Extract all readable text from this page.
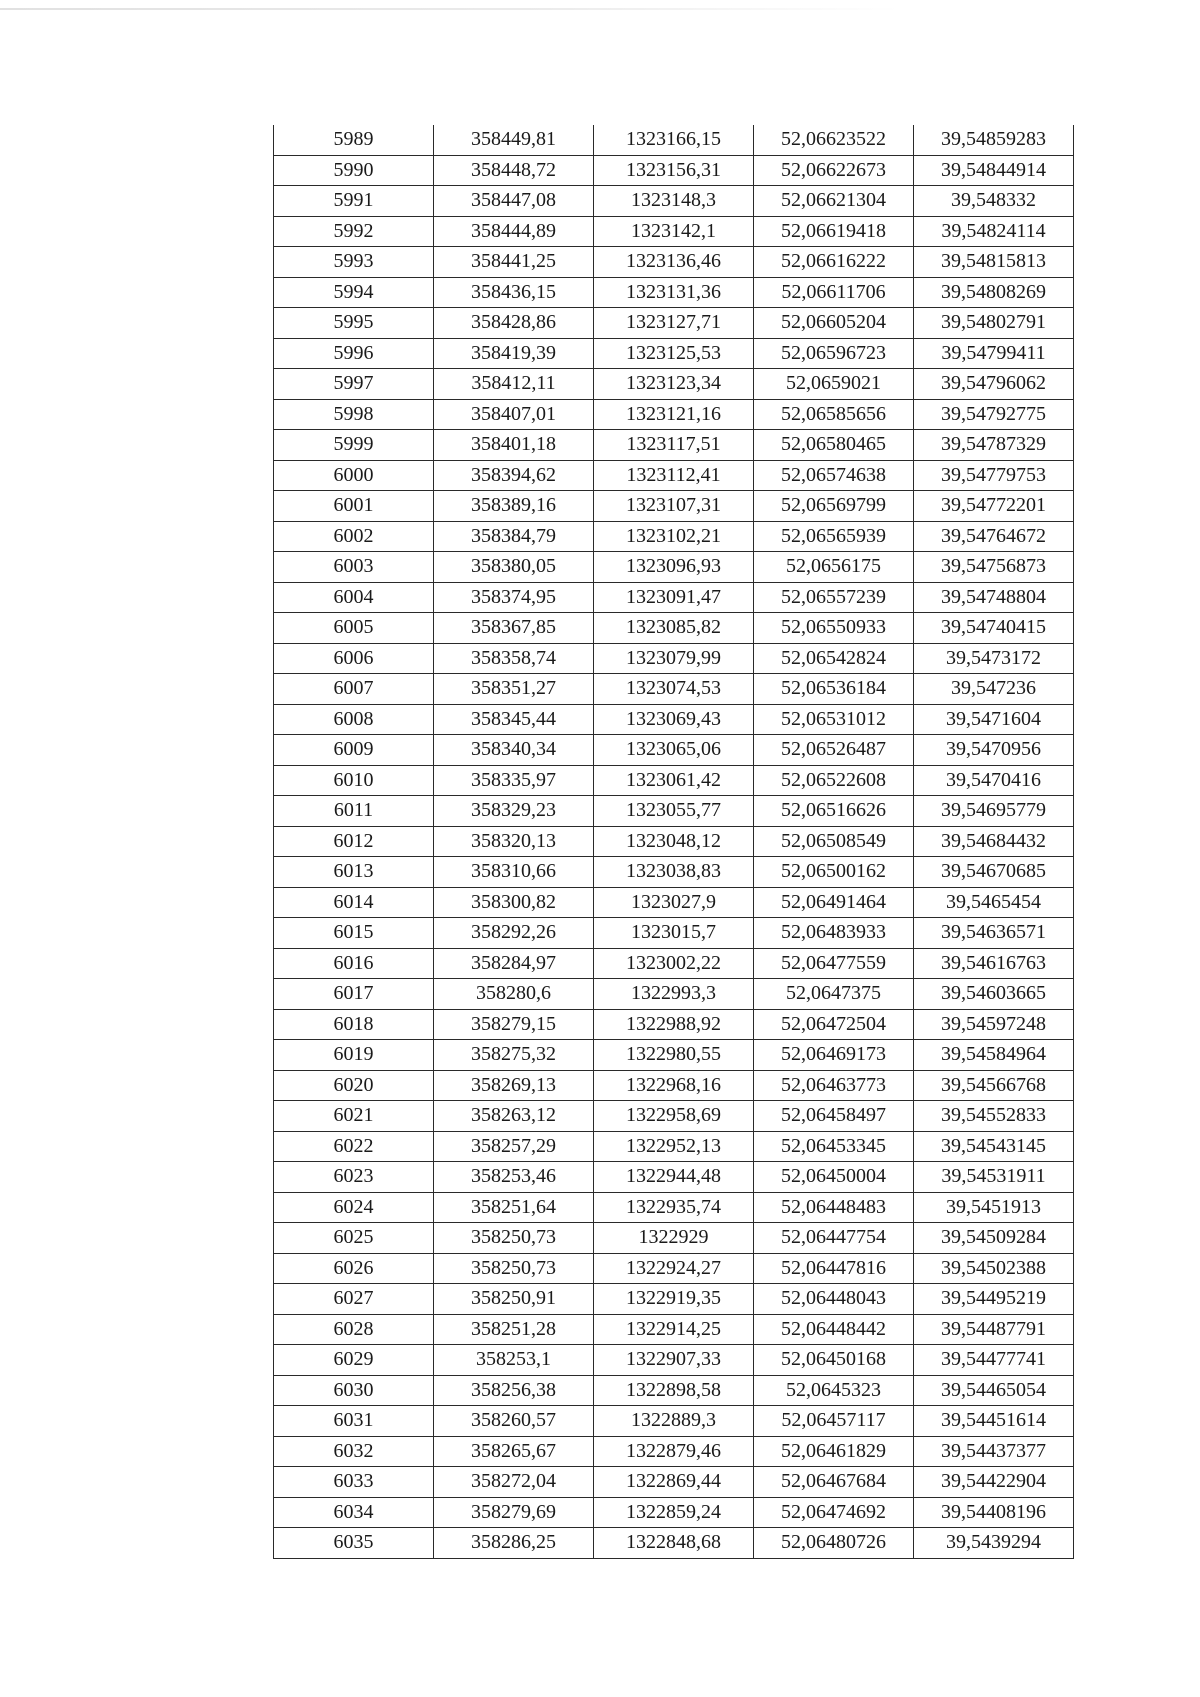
5989	358449,81	1323166,15	52,06623522	39,54859283
5990	358448,72	1323156,31	52,06622673	39,54844914
5991	358447,08	1323148,3	52,06621304	39,548332
5992	358444,89	1323142,1	52,06619418	39,54824114
5993	358441,25	1323136,46	52,06616222	39,54815813
5994	358436,15	1323131,36	52,06611706	39,54808269
5995	358428,86	1323127,71	52,06605204	39,54802791
5996	358419,39	1323125,53	52,06596723	39,54799411
5997	358412,11	1323123,34	52,0659021	39,54796062
5998	358407,01	1323121,16	52,06585656	39,54792775
5999	358401,18	1323117,51	52,06580465	39,54787329
6000	358394,62	1323112,41	52,06574638	39,54779753
6001	358389,16	1323107,31	52,06569799	39,54772201
6002	358384,79	1323102,21	52,06565939	39,54764672
6003	358380,05	1323096,93	52,0656175	39,54756873
6004	358374,95	1323091,47	52,06557239	39,54748804
6005	358367,85	1323085,82	52,06550933	39,54740415
6006	358358,74	1323079,99	52,06542824	39,5473172
6007	358351,27	1323074,53	52,06536184	39,547236
6008	358345,44	1323069,43	52,06531012	39,5471604
6009	358340,34	1323065,06	52,06526487	39,5470956
6010	358335,97	1323061,42	52,06522608	39,5470416
6011	358329,23	1323055,77	52,06516626	39,54695779
6012	358320,13	1323048,12	52,06508549	39,54684432
6013	358310,66	1323038,83	52,06500162	39,54670685
6014	358300,82	1323027,9	52,06491464	39,5465454
6015	358292,26	1323015,7	52,06483933	39,54636571
6016	358284,97	1323002,22	52,06477559	39,54616763
6017	358280,6	1322993,3	52,0647375	39,54603665
6018	358279,15	1322988,92	52,06472504	39,54597248
6019	358275,32	1322980,55	52,06469173	39,54584964
6020	358269,13	1322968,16	52,06463773	39,54566768
6021	358263,12	1322958,69	52,06458497	39,54552833
6022	358257,29	1322952,13	52,06453345	39,54543145
6023	358253,46	1322944,48	52,06450004	39,54531911
6024	358251,64	1322935,74	52,06448483	39,5451913
6025	358250,73	1322929	52,06447754	39,54509284
6026	358250,73	1322924,27	52,06447816	39,54502388
6027	358250,91	1322919,35	52,06448043	39,54495219
6028	358251,28	1322914,25	52,06448442	39,54487791
6029	358253,1	1322907,33	52,06450168	39,54477741
6030	358256,38	1322898,58	52,0645323	39,54465054
6031	358260,57	1322889,3	52,06457117	39,54451614
6032	358265,67	1322879,46	52,06461829	39,54437377
6033	358272,04	1322869,44	52,06467684	39,54422904
6034	358279,69	1322859,24	52,06474692	39,54408196
6035	358286,25	1322848,68	52,06480726	39,5439294
